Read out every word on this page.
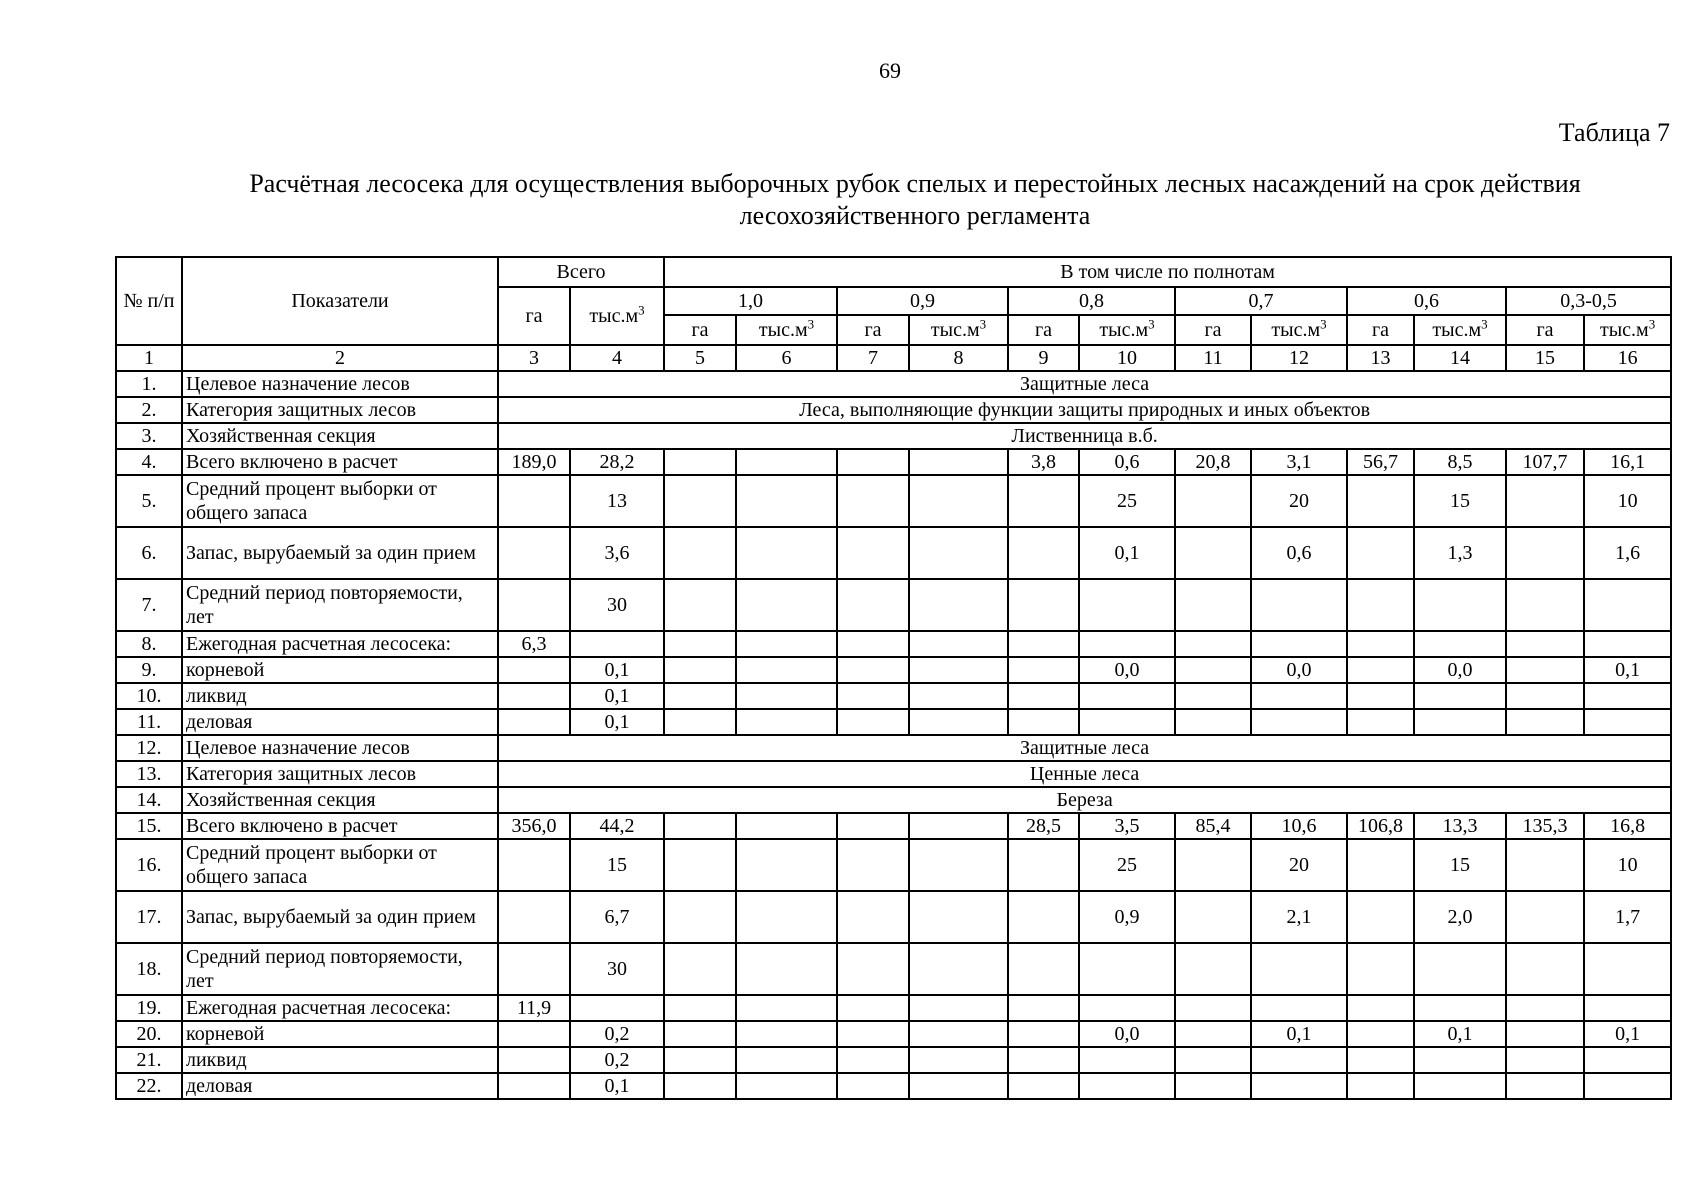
69
Таблица 7
Расчётная лесосека для осуществления выборочных рубок спелых и перестойных лесных насаждений на срок действия лесохозяйственного регламента
№ п/п	Показатели	Всего		В том числе по полнотам											
		га	$тыс.м^3$	1,0		0,9		0,8		0,7		0,6		0,3-0,5	
				га	$тыс.м^3$	га	$тыс.м^3$	га	$тыс.м^3$	га	$тыс.м^3$	га	$тыс.м^3$	га	$тыс.м^3$
1	2	3	4	5	6	7	8	9	10	11	12	13	14	15	16
1.	Целевое назначение лесов	Защитные леса													
2.	Категория защитных лесов	Леса, выполняющие функции защиты природных и иных объектов													
3.	Хозяйственная секция	Лиственница в.б.													
4.	Всего включено в расчет	189,0	28,2					3,8	0,6	20,8	3,1	56,7	8,5	107,7	16,1
5.	Средний процент выборки от общего запаса		13						25		20		15		10
6.	Запас, вырубаемый за один прием		3,6						0,1		0,6		1,3		1,6
7.	Средний период повторяемости, лет		30												
8.	Ежегодная расчетная лесосека:	6,3													
9.	корневой		0,1						0,0		0,0		0,0		0,1
10.	ликвид		0,1												
11.	деловая		0,1												
12.	Целевое назначение лесов	Защитные леса													
13.	Категория защитных лесов	Ценные леса													
14.	Хозяйственная секция	Береза													
15.	Всего включено в расчет	356,0	44,2					28,5	3,5	85,4	10,6	106,8	13,3	135,3	16,8
16.	Средний процент выборки от общего запаса		15						25		20		15		10
17.	Запас, вырубаемый за один прием		6,7						0,9		2,1		2,0		1,7
18.	Средний период повторяемости, лет		30												
19.	Ежегодная расчетная лесосека:	11,9													
20.	корневой		0,2						0,0		0,1		0,1		0,1
21.	ликвид		0,2												
22.	деловая		0,1												
